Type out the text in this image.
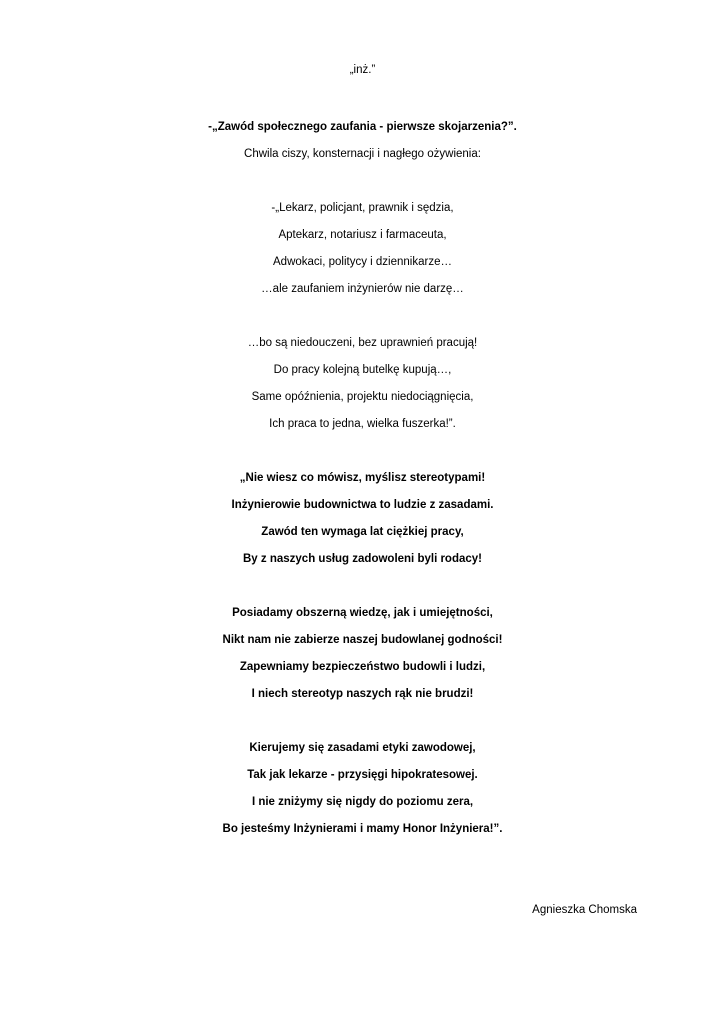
„inż.”
-„Zawód społecznego zaufania - pierwsze skojarzenia?”.
Chwila ciszy, konsternacji i nagłego ożywienia:
-„Lekarz, policjant, prawnik i sędzia,
Aptekarz, notariusz i farmaceuta,
Adwokaci, politycy i dziennikarze…
…ale zaufaniem inżynierów nie darzę…
…bo są niedouczeni, bez uprawnień pracują!
Do pracy kolejną butelkę kupują…,
Same opóźnienia, projektu niedociągnięcia,
Ich praca to jedna, wielka fuszerka!”.
„Nie wiesz co mówisz, myślisz stereotypami!
Inżynierowie budownictwa to ludzie z zasadami.
Zawód ten wymaga lat ciężkiej pracy,
By z naszych usług zadowoleni byli rodacy!
Posiadamy obszerną wiedzę, jak i umiejętności,
Nikt nam nie zabierze naszej budowlanej godności!
Zapewniamy bezpieczeństwo budowli i ludzi,
I niech stereotyp naszych rąk nie brudzi!
Kierujemy się zasadami etyki zawodowej,
Tak jak lekarze - przysięgi hipokratesowej.
I nie zniżymy się nigdy do poziomu zera,
Bo jesteśmy Inżynierami i mamy Honor Inżyniera!”.
Agnieszka Chomska
